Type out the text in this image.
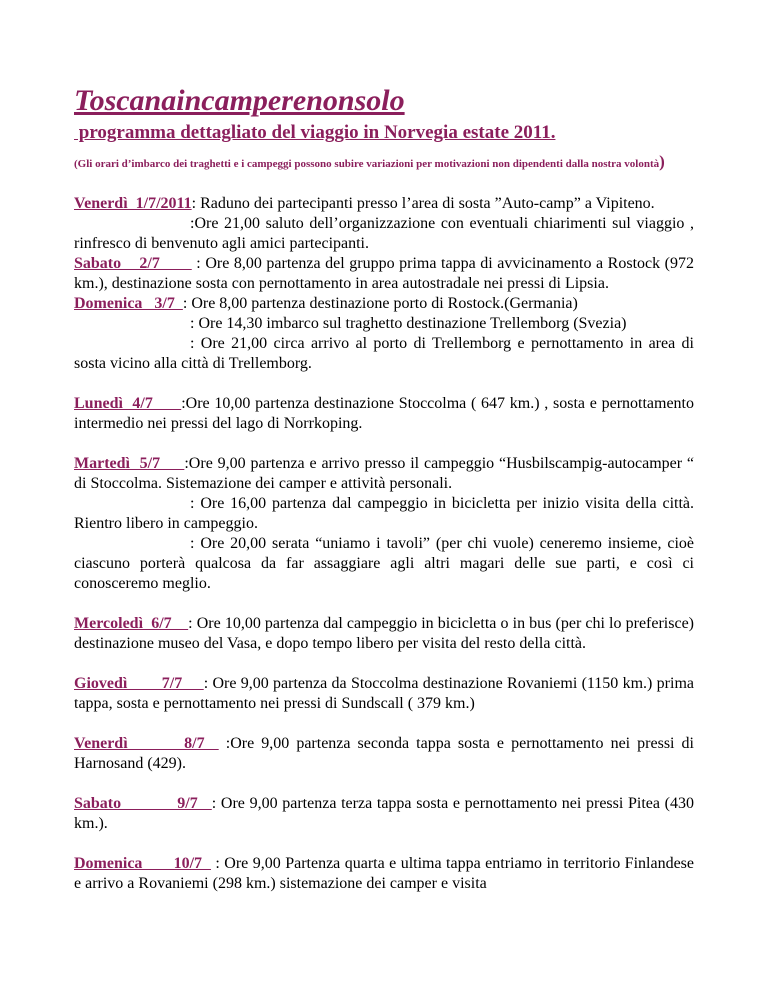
Toscanaincamperenonsolo
programma dettagliato del viaggio in Norvegia estate 2011.
(Gli orari d’imbarco dei traghetti e i campeggi possono subire variazioni per motivazioni non dipendenti dalla nostra volontà)

Venerdì  1/7/2011: Raduno dei partecipanti presso l’area di sosta ”Auto-camp” a Vipiteno.

:Ore 21,00 saluto dell’organizzazione con eventuali chiarimenti sul viaggio , rinfresco di benvenuto agli amici partecipanti.

Sabato    2/7        : Ore 8,00 partenza del gruppo prima tappa di avvicinamento a Rostock (972 km.), destinazione sosta con pernottamento in area autostradale nei pressi di Lipsia.

Domenica   3/7  : Ore 8,00 partenza destinazione porto di Rostock.(Germania)

: Ore 14,30 imbarco sul traghetto destinazione Trellemborg (Svezia)

: Ore 21,00 circa arrivo al porto di Trellemborg e pernottamento in area di sosta vicino alla città di Trellemborg.

Lunedì  4/7      :Ore 10,00 partenza destinazione Stoccolma ( 647 km.) , sosta e pernottamento intermedio nei pressi del lago di Norrkoping.

Martedì  5/7     :Ore 9,00 partenza e arrivo presso il campeggio “Husbilscampig-autocamper “ di Stoccolma. Sistemazione dei camper e attività personali.

: Ore 16,00 partenza dal campeggio in bicicletta per inizio visita della città. Rientro libero in campeggio.

: Ore 20,00 serata “uniamo i tavoli” (per chi vuole) ceneremo insieme, cioè ciascuno porterà qualcosa da far assaggiare agli altri magari delle sue parti, e così ci conosceremo meglio.

Mercoledì  6/7    : Ore 10,00 partenza dal campeggio in bicicletta o in bus (per chi lo preferisce) destinazione museo del Vasa, e dopo tempo libero per visita del resto della città.

Giovedì        7/7     : Ore 9,00 partenza da Stoccolma destinazione Rovaniemi (1150 km.) prima tappa, sosta e pernottamento nei pressi di Sundscall ( 379 km.)

Venerdì        8/7   :Ore 9,00 partenza seconda tappa sosta e pernottamento nei pressi di Harnosand (429).

Sabato            9/7   : Ore 9,00 partenza terza tappa sosta e pernottamento nei pressi Pitea (430 km.).

Domenica       10/7   : Ore 9,00 Partenza quarta e ultima tappa entriamo in territorio Finlandese e arrivo a Rovaniemi (298 km.) sistemazione dei camper e visita
